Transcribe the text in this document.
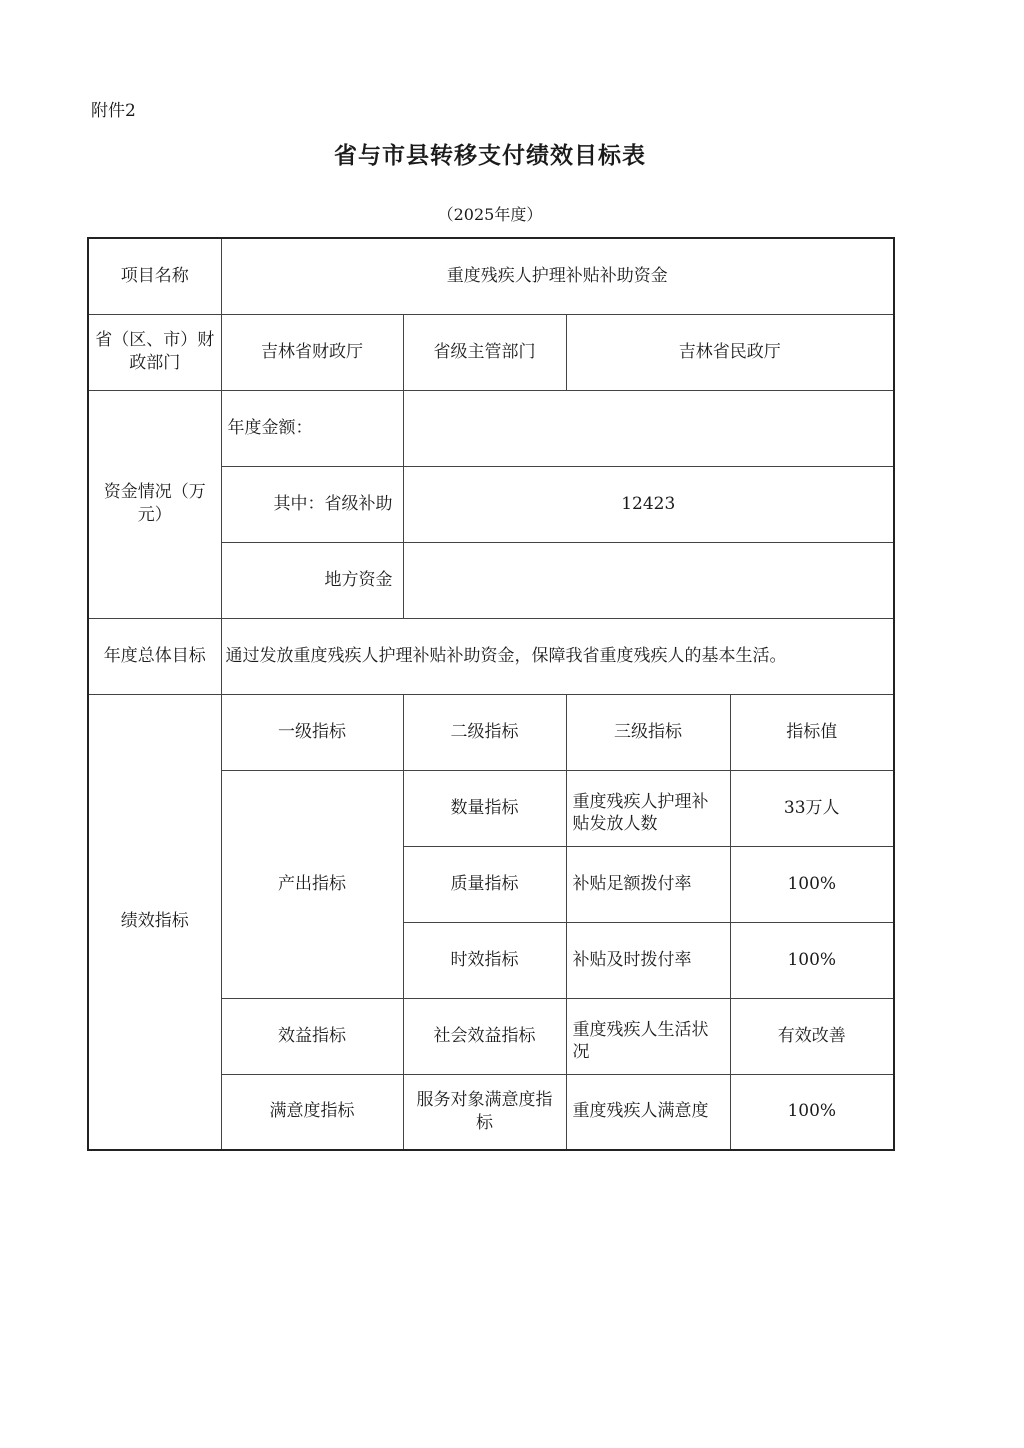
附件2
省与市县转移支付绩效目标表
（2025年度）
项目名称	重度残疾人护理补贴补助资金			
省（区、市）财政部门	吉林省财政厅	省级主管部门	吉林省民政厅	
资金情况（万元）	年度金额：			
	其中：省级补助	12423		
	地方资金			
年度总体目标	通过发放重度残疾人护理补贴补助资金，保障我省重度残疾人的基本生活。			
绩效指标	一级指标	二级指标	三级指标	指标值
	产出指标	数量指标	重度残疾人护理补贴发放人数	33万人
		质量指标	补贴足额拨付率	100%
		时效指标	补贴及时拨付率	100%
	效益指标	社会效益指标	重度残疾人生活状况	有效改善
	满意度指标	服务对象满意度指标	重度残疾人满意度	100%
